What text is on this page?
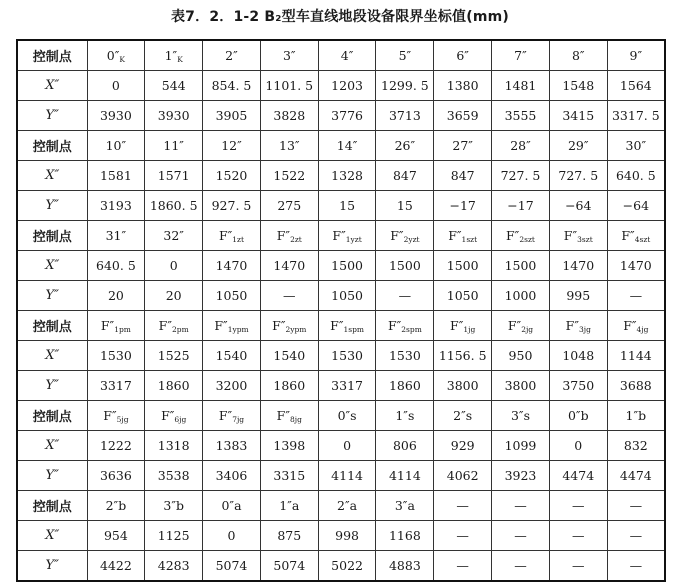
表7．2．1-2 B₂型车直线地段设备限界坐标值(mm)
控制点	$0''_K$	$1''_K$	2″	3″	4″	5″	6″	7″	8″	9″
X″	0	544	854. 5	1101. 5	1203	1299. 5	1380	1481	1548	1564
Y″	3930	3930	3905	3828	3776	3713	3659	3555	3415	3317. 5
控制点	10″	11″	12″	13″	14″	26″	27″	28″	29″	30″
X″	1581	1571	1520	1522	1328	847	847	727. 5	727. 5	640. 5
Y″	3193	1860. 5	927. 5	275	15	15	−17	−17	−64	−64
控制点	31″	32″	$F''_{1zt}$	$F''_{2zt}$	$F''_{1yzt}$	$F''_{2yzt}$	$F''_{1szt}$	$F''_{2szt}$	$F''_{3szt}$	$F''_{4szt}$
X″	640. 5	0	1470	1470	1500	1500	1500	1500	1470	1470
Y″	20	20	1050	—	1050	—	1050	1000	995	—
控制点	$F''_{1pm}$	$F''_{2pm}$	$F''_{1ypm}$	$F''_{2ypm}$	$F''_{1spm}$	$F''_{2spm}$	$F''_{1jg}$	$F''_{2jg}$	$F''_{3jg}$	$F''_{4jg}$
X″	1530	1525	1540	1540	1530	1530	1156. 5	950	1048	1144
Y″	3317	1860	3200	1860	3317	1860	3800	3800	3750	3688
控制点	$F''_{5jg}$	$F''_{6jg}$	$F''_{7jg}$	$F''_{8jg}$	0″s	1″s	2″s	3″s	0″b	1″b
X″	1222	1318	1383	1398	0	806	929	1099	0	832
Y″	3636	3538	3406	3315	4114	4114	4062	3923	4474	4474
控制点	2″b	3″b	0″a	1″a	2″a	3″a	—	—	—	—
X″	954	1125	0	875	998	1168	—	—	—	—
Y″	4422	4283	5074	5074	5022	4883	—	—	—	—
